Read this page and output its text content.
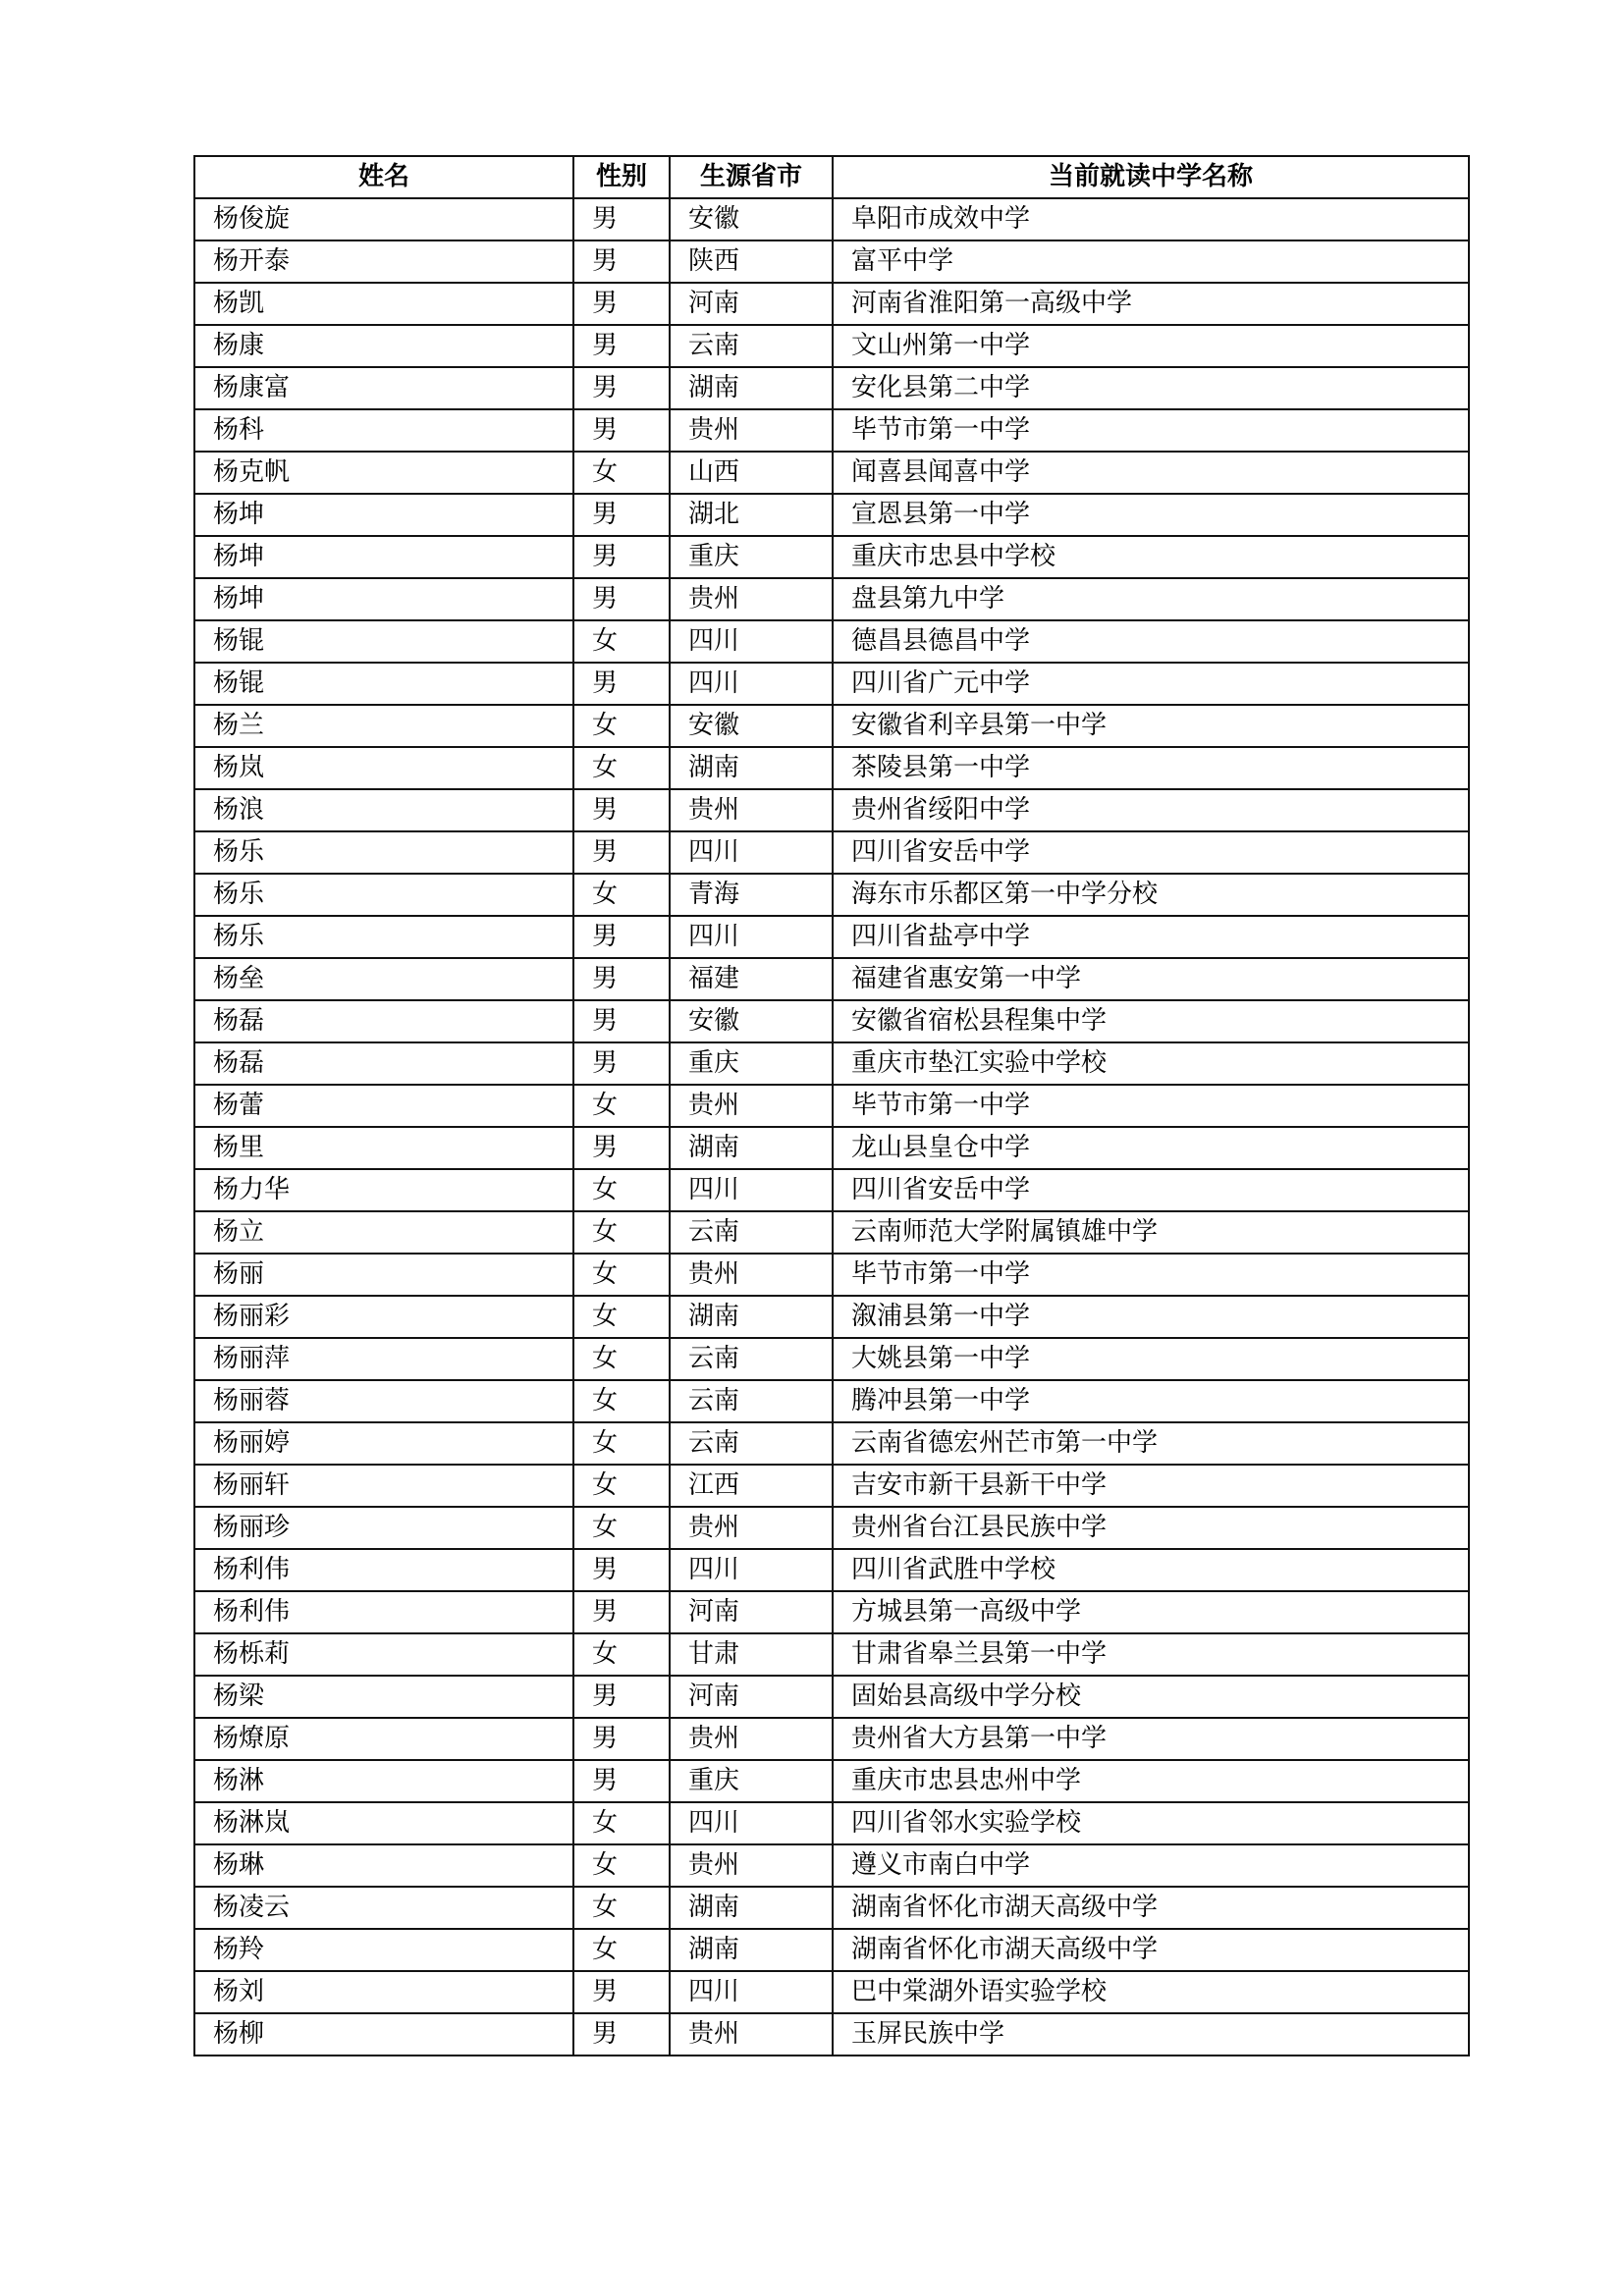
姓名	性别	生源省市	当前就读中学名称
杨俊旋	男	安徽	阜阳市成效中学
杨开泰	男	陕西	富平中学
杨凯	男	河南	河南省淮阳第一高级中学
杨康	男	云南	文山州第一中学
杨康富	男	湖南	安化县第二中学
杨科	男	贵州	毕节市第一中学
杨克帆	女	山西	闻喜县闻喜中学
杨坤	男	湖北	宣恩县第一中学
杨坤	男	重庆	重庆市忠县中学校
杨坤	男	贵州	盘县第九中学
杨锟	女	四川	德昌县德昌中学
杨锟	男	四川	四川省广元中学
杨兰	女	安徽	安徽省利辛县第一中学
杨岚	女	湖南	茶陵县第一中学
杨浪	男	贵州	贵州省绥阳中学
杨乐	男	四川	四川省安岳中学
杨乐	女	青海	海东市乐都区第一中学分校
杨乐	男	四川	四川省盐亭中学
杨垒	男	福建	福建省惠安第一中学
杨磊	男	安徽	安徽省宿松县程集中学
杨磊	男	重庆	重庆市垫江实验中学校
杨蕾	女	贵州	毕节市第一中学
杨里	男	湖南	龙山县皇仓中学
杨力华	女	四川	四川省安岳中学
杨立	女	云南	云南师范大学附属镇雄中学
杨丽	女	贵州	毕节市第一中学
杨丽彩	女	湖南	溆浦县第一中学
杨丽萍	女	云南	大姚县第一中学
杨丽蓉	女	云南	腾冲县第一中学
杨丽婷	女	云南	云南省德宏州芒市第一中学
杨丽轩	女	江西	吉安市新干县新干中学
杨丽珍	女	贵州	贵州省台江县民族中学
杨利伟	男	四川	四川省武胜中学校
杨利伟	男	河南	方城县第一高级中学
杨栎莉	女	甘肃	甘肃省皋兰县第一中学
杨梁	男	河南	固始县高级中学分校
杨燎原	男	贵州	贵州省大方县第一中学
杨淋	男	重庆	重庆市忠县忠州中学
杨淋岚	女	四川	四川省邻水实验学校
杨琳	女	贵州	遵义市南白中学
杨凌云	女	湖南	湖南省怀化市湖天高级中学
杨羚	女	湖南	湖南省怀化市湖天高级中学
杨刘	男	四川	巴中棠湖外语实验学校
杨柳	男	贵州	玉屏民族中学
